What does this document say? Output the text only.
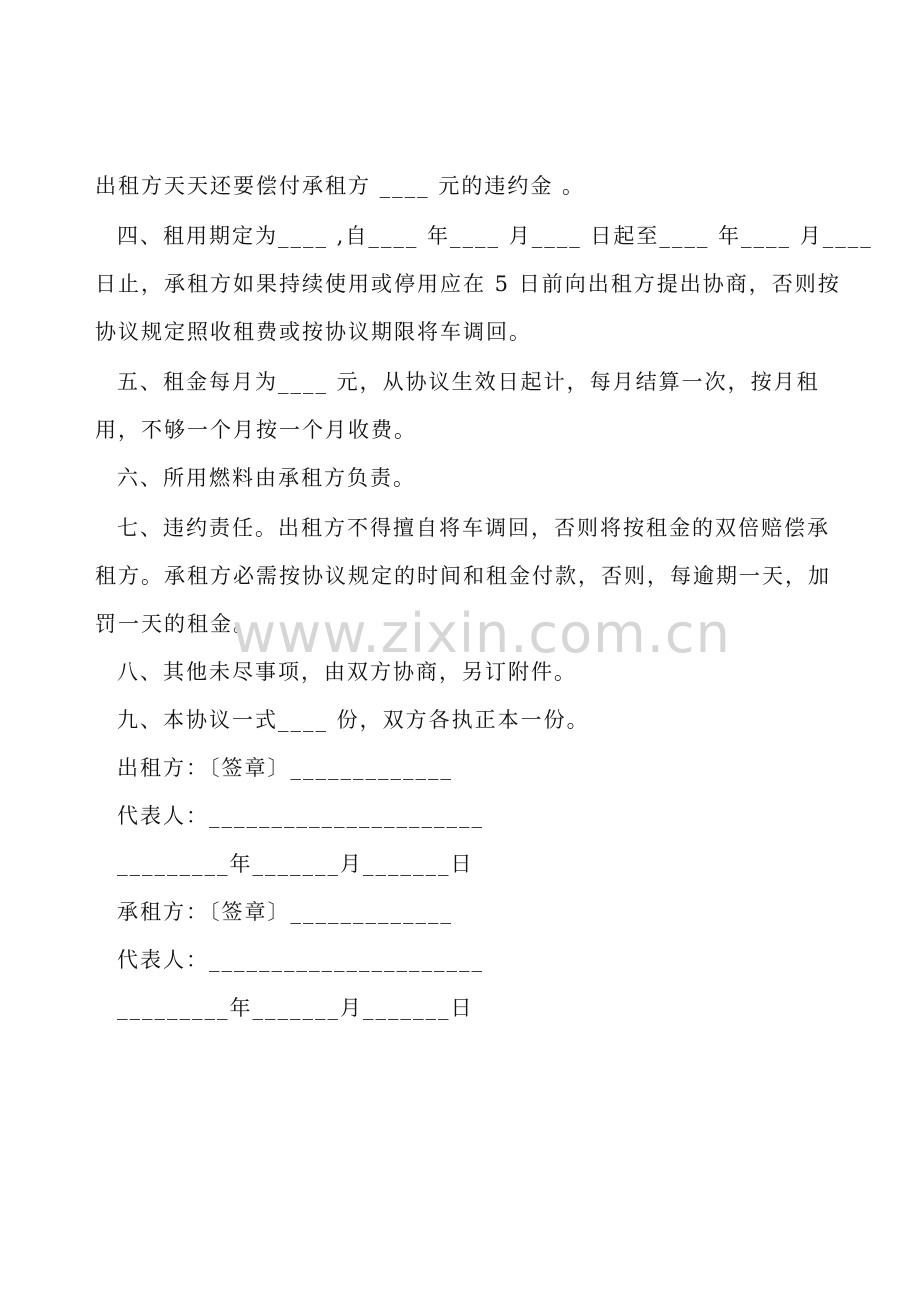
出租方天天还要偿付承租方 ____ 元的违约金 。
四、租用期定为____ ,自____ 年____ 月____ 日起至____ 年____ 月____
日止，承租方如果持续使用或停用应在 5 日前向出租方提出协商，否则按
协议规定照收租费或按协议期限将车调回。
五、租金每月为____ 元，从协议生效日起计，每月结算一次，按月租
用，不够一个月按一个月收费。
六、所用燃料由承租方负责。
七、违约责任。出租方不得擅自将车调回，否则将按租金的双倍赔偿承
租方。承租方必需按协议规定的时间和租金付款，否则，每逾期一天，加
罚一天的租金。
八、其他未尽事项，由双方协商，另订附件。
九、本协议一式____ 份，双方各执正本一份。
出租方：〔签章〕_____________
代表人：______________________
_________年_______月_______日
承租方：〔签章〕_____________
代表人：______________________
_________年_______月_______日
www.zixin.com.cn
